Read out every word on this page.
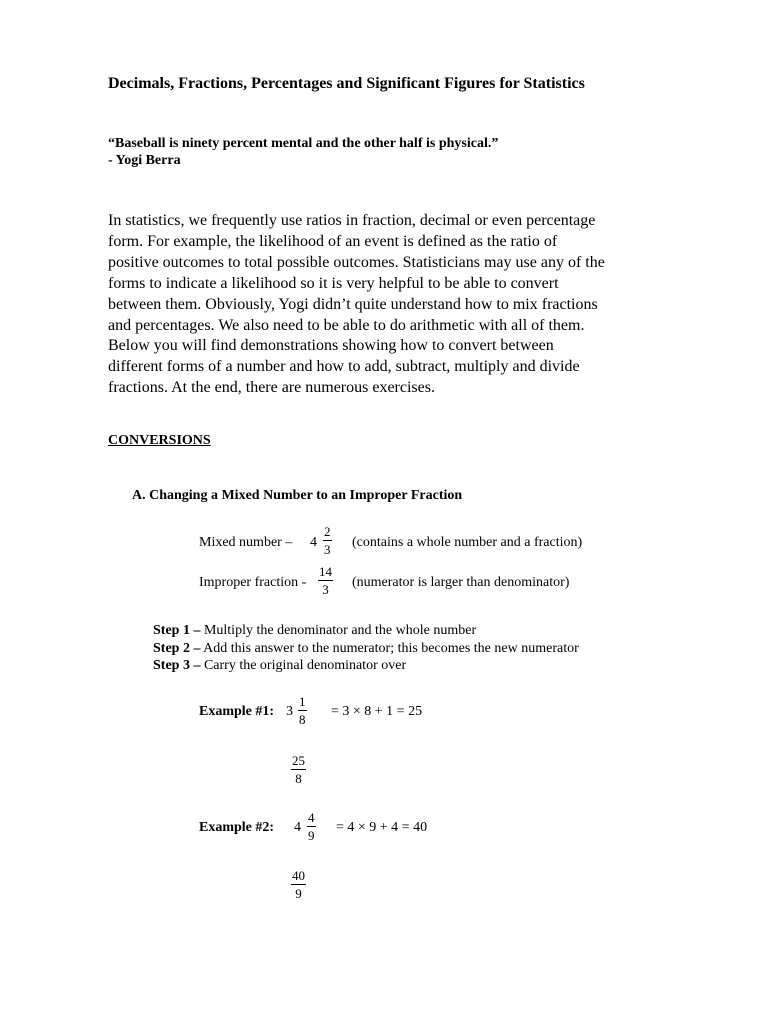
Decimals, Fractions, Percentages and Significant Figures for Statistics
“Baseball is ninety percent mental and the other half is physical.”
- Yogi Berra
In statistics, we frequently use ratios in fraction, decimal or even percentage
form. For example, the likelihood of an event is defined as the ratio of
positive outcomes to total possible outcomes. Statisticians may use any of the
forms to indicate a likelihood so it is very helpful to be able to convert
between them. Obviously, Yogi didn’t quite understand how to mix fractions
and percentages. We also need to be able to do arithmetic with all of them.
Below you will find demonstrations showing how to convert between
different forms of a number and how to add, subtract, multiply and divide
fractions. At the end, there are numerous exercises.
CONVERSIONS
A. Changing a Mixed Number to an Improper Fraction
Mixed number – $4 \frac{2}{3}$ (contains a whole number and a fraction)
Improper fraction - $\frac{14}{3}$ (numerator is larger than denominator)
Step 1 – Multiply the denominator and the whole number
Step 2 – Add this answer to the numerator; this becomes the new numerator
Step 3 – Carry the original denominator over
Example #1: $3 \frac{1}{8} = 3 \times 8 + 1 = 25$
$\frac{25}{8}$
Example #2: $4 \frac{4}{9} = 4 \times 9 + 4 = 40$
$\frac{40}{9}$
